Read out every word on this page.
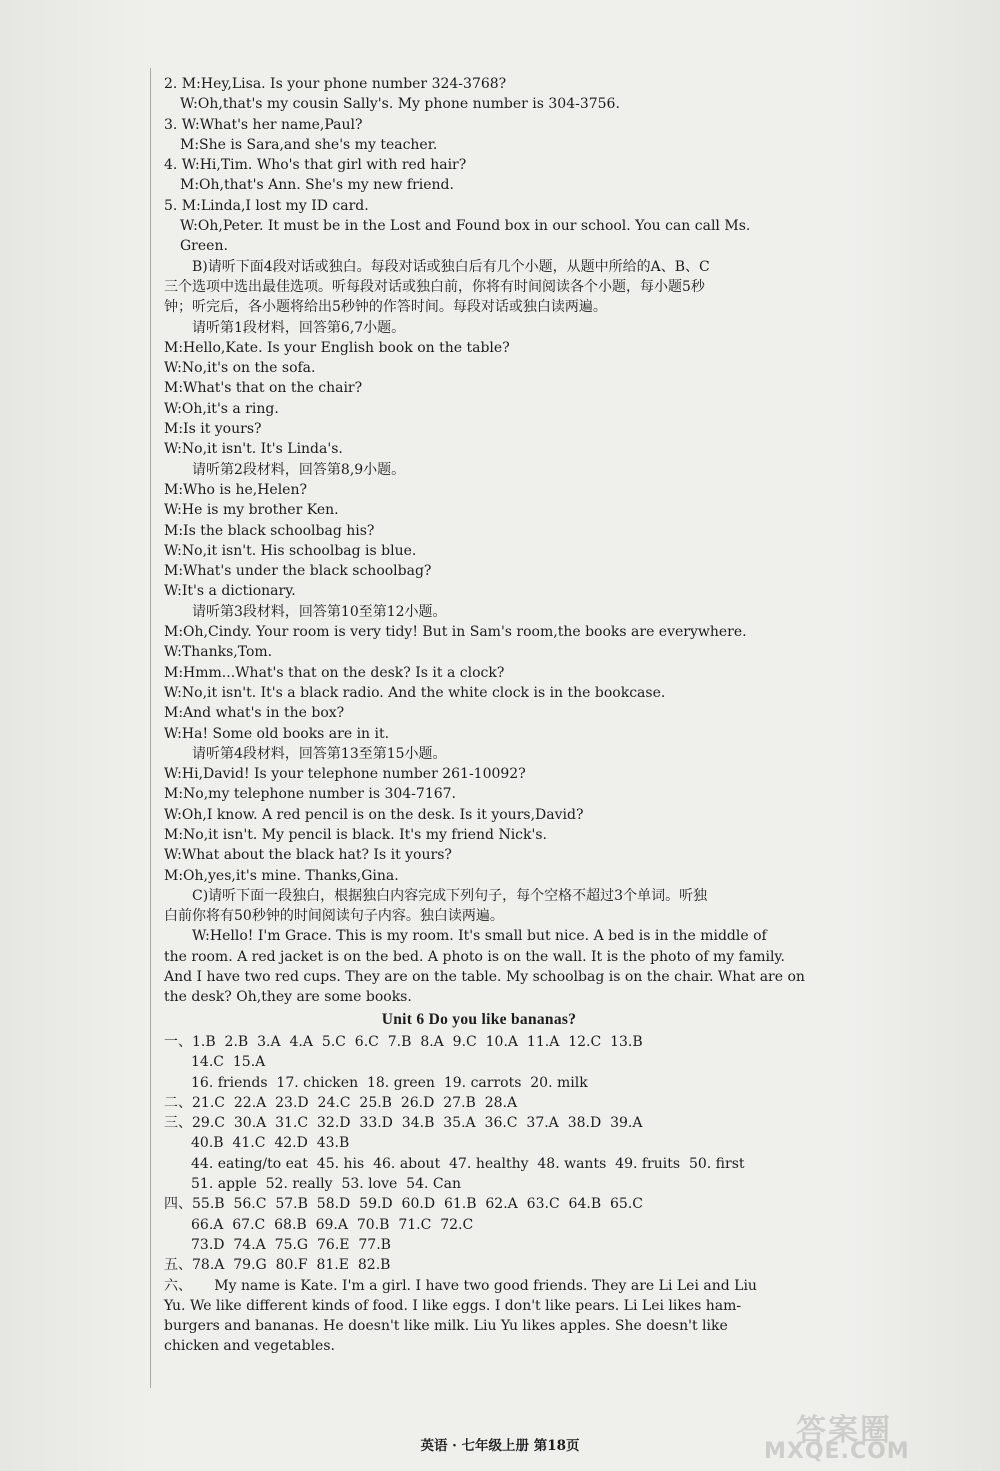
2. M:Hey,Lisa. Is your phone number 324-3768?
W:Oh,that's my cousin Sally's. My phone number is 304-3756.
3. W:What's her name,Paul?
M:She is Sara,and she's my teacher.
4. W:Hi,Tim. Who's that girl with red hair?
M:Oh,that's Ann. She's my new friend.
5. M:Linda,I lost my ID card.
W:Oh,Peter. It must be in the Lost and Found box in our school. You can call Ms.
Green.
B)请听下面4段对话或独白。每段对话或独白后有几个小题，从题中所给的A、B、C
三个选项中选出最佳选项。听每段对话或独白前，你将有时间阅读各个小题，每小题5秒
钟；听完后，各小题将给出5秒钟的作答时间。每段对话或独白读两遍。
请听第1段材料，回答第6,7小题。
M:Hello,Kate. Is your English book on the table?
W:No,it's on the sofa.
M:What's that on the chair?
W:Oh,it's a ring.
M:Is it yours?
W:No,it isn't. It's Linda's.
请听第2段材料，回答第8,9小题。
M:Who is he,Helen?
W:He is my brother Ken.
M:Is the black schoolbag his?
W:No,it isn't. His schoolbag is blue.
M:What's under the black schoolbag?
W:It's a dictionary.
请听第3段材料，回答第10至第12小题。
M:Oh,Cindy. Your room is very tidy! But in Sam's room,the books are everywhere.
W:Thanks,Tom.
M:Hmm...What's that on the desk? Is it a clock?
W:No,it isn't. It's a black radio. And the white clock is in the bookcase.
M:And what's in the box?
W:Ha! Some old books are in it.
请听第4段材料，回答第13至第15小题。
W:Hi,David! Is your telephone number 261-10092?
M:No,my telephone number is 304-7167.
W:Oh,I know. A red pencil is on the desk. Is it yours,David?
M:No,it isn't. My pencil is black. It's my friend Nick's.
W:What about the black hat? Is it yours?
M:Oh,yes,it's mine. Thanks,Gina.
C)请听下面一段独白，根据独白内容完成下列句子，每个空格不超过3个单词。听独
白前你将有50秒钟的时间阅读句子内容。独白读两遍。
W:Hello! I'm Grace. This is my room. It's small but nice. A bed is in the middle of
the room. A red jacket is on the bed. A photo is on the wall. It is the photo of my family.
And I have two red cups. They are on the table. My schoolbag is on the chair. What are on
the desk? Oh,they are some books.
Unit 6 Do you like bananas?
一、1.B  2.B  3.A  4.A  5.C  6.C  7.B  8.A  9.C  10.A  11.A  12.C  13.B
14.C  15.A
16. friends  17. chicken  18. green  19. carrots  20. milk
二、21.C  22.A  23.D  24.C  25.B  26.D  27.B  28.A
三、29.C  30.A  31.C  32.D  33.D  34.B  35.A  36.C  37.A  38.D  39.A
40.B  41.C  42.D  43.B
44. eating/to eat  45. his  46. about  47. healthy  48. wants  49. fruits  50. first
51. apple  52. really  53. love  54. Can
四、55.B  56.C  57.B  58.D  59.D  60.D  61.B  62.A  63.C  64.B  65.C
66.A  67.C  68.B  69.A  70.B  71.C  72.C
73.D  74.A  75.G  76.E  77.B
五、78.A  79.G  80.F  81.E  82.B
六、     My name is Kate. I'm a girl. I have two good friends. They are Li Lei and Liu
Yu. We like different kinds of food. I like eggs. I don't like pears. Li Lei likes ham-
burgers and bananas. He doesn't like milk. Liu Yu likes apples. She doesn't like
chicken and vegetables.
英语 · 七年级上册 第18页	答案圈
MXQE.COM
